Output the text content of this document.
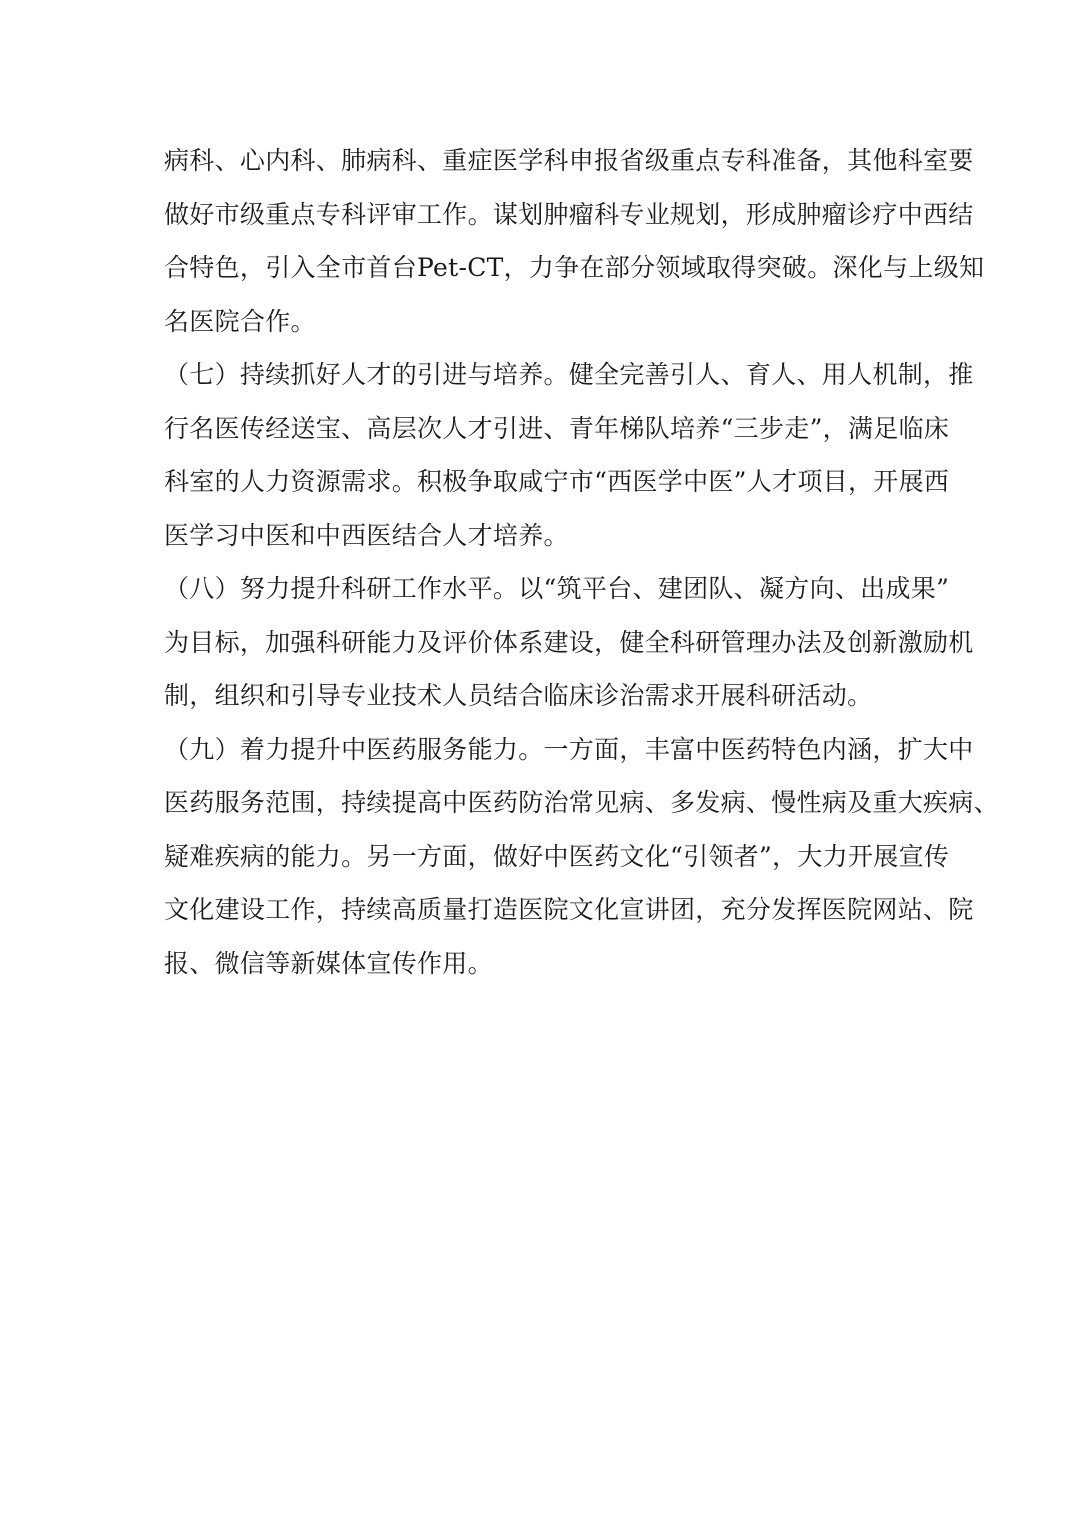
病科、心内科、肺病科、重症医学科申报省级重点专科准备，其他科室要
做好市级重点专科评审工作。谋划肿瘤科专业规划，形成肿瘤诊疗中西结
合特色，引入全市首台Pet-CT，力争在部分领域取得突破。深化与上级知
名医院合作。
（七）持续抓好人才的引进与培养。健全完善引人、育人、用人机制，推
行名医传经送宝、高层次人才引进、青年梯队培养“三步走”，满足临床
科室的人力资源需求。积极争取咸宁市“西医学中医”人才项目，开展西
医学习中医和中西医结合人才培养。
（八）努力提升科研工作水平。以“筑平台、建团队、凝方向、出成果”
为目标，加强科研能力及评价体系建设，健全科研管理办法及创新激励机
制，组织和引导专业技术人员结合临床诊治需求开展科研活动。
（九）着力提升中医药服务能力。一方面，丰富中医药特色内涵，扩大中
医药服务范围，持续提高中医药防治常见病、多发病、慢性病及重大疾病、
疑难疾病的能力。另一方面，做好中医药文化“引领者”，大力开展宣传
文化建设工作，持续高质量打造医院文化宣讲团，充分发挥医院网站、院
报、微信等新媒体宣传作用。
